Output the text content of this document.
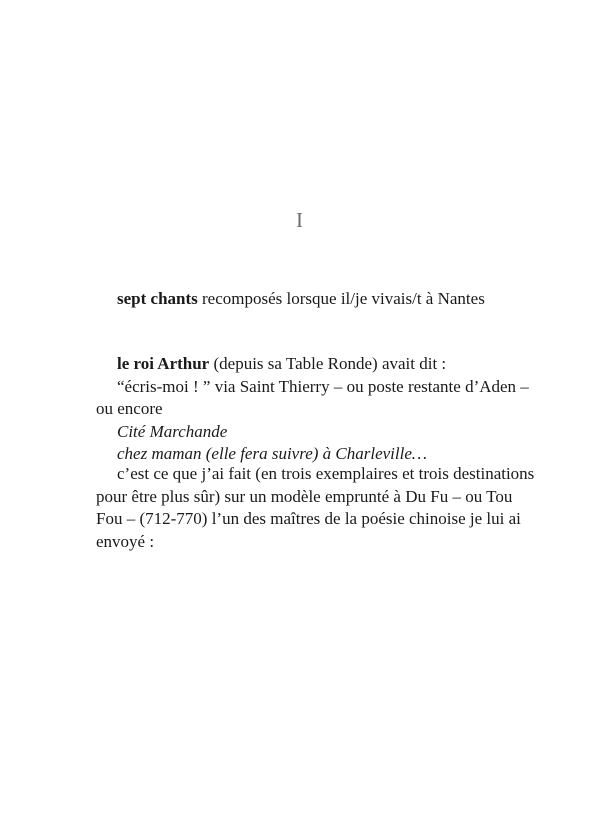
I
sept chants recomposés lorsque il/je vivais/t à Nantes
le roi Arthur (depuis sa Table Ronde) avait dit :
“écris-moi ! ” via Saint Thierry – ou poste restante d’Aden –
ou encore
Cité Marchande
chez maman (elle fera suivre) à Charleville…
c’est ce que j’ai fait (en trois exemplaires et trois destinations
pour être plus sûr) sur un modèle emprunté à Du Fu – ou Tou
Fou – (712-770) l’un des maîtres de la poésie chinoise je lui ai
envoyé :
